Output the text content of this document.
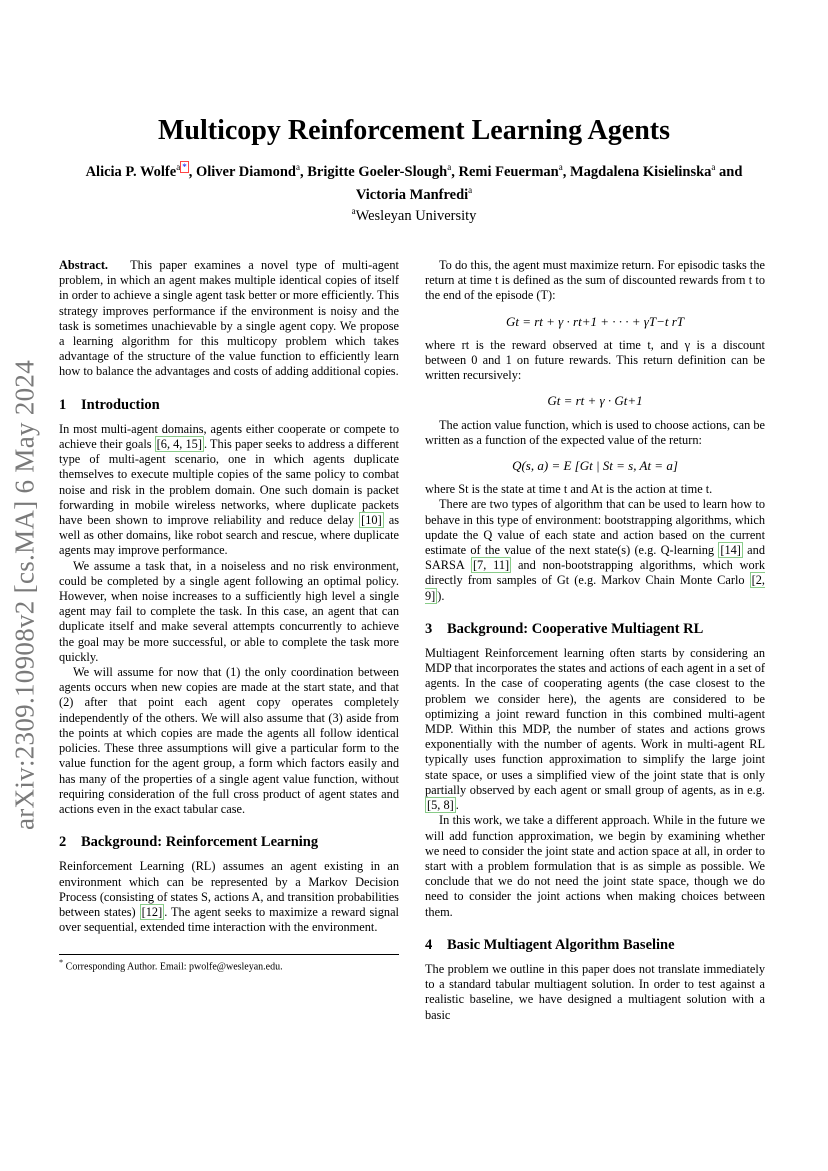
arXiv:2309.10908v2 [cs.MA] 6 May 2024
Multicopy Reinforcement Learning Agents
Alicia P. Wolfe$^a$ * , Oliver Diamond$^a$, Brigitte Goeler-Slough$^a$, Remi Feuerman$^a$, Magdalena Kisielinska$^a$ and
Victoria Manfredi$^a$
$^a$Wesleyan University

Abstract. This paper examines a novel type of multi-agent problem, in which an agent makes multiple identical copies of itself in order to achieve a single agent task better or more efficiently. This strategy improves performance if the environment is noisy and the task is sometimes unachievable by a single agent copy. We propose a learning algorithm for this multicopy problem which takes advantage of the structure of the value function to efficiently learn how to balance the advantages and costs of adding additional copies.

1 Introduction

In most multi-agent domains, agents either cooperate or compete to achieve their goals [6, 4, 15] . This paper seeks to address a different type of multi-agent scenario, one in which agents duplicate themselves to execute multiple copies of the same policy to combat noise and risk in the problem domain. One such domain is packet forwarding in mobile wireless networks, where duplicate packets have been shown to improve reliability and reduce delay [10] as well as other domains, like robot search and rescue, where duplicate agents may improve performance.

We assume a task that, in a noiseless and no risk environment, could be completed by a single agent following an optimal policy. However, when noise increases to a sufficiently high level a single agent may fail to complete the task. In this case, an agent that can duplicate itself and make several attempts concurrently to achieve the goal may be more successful, or able to complete the task more quickly.

We will assume for now that (1) the only coordination between agents occurs when new copies are made at the start state, and that (2) after that point each agent copy operates completely independently of the others. We will also assume that (3) aside from the points at which copies are made the agents all follow identical policies. These three assumptions will give a particular form to the value function for the agent group, a form which factors easily and has many of the properties of a single agent value function, without requiring consideration of the full cross product of agent states and actions even in the exact tabular case.

2 Background: Reinforcement Learning

Reinforcement Learning (RL) assumes an agent existing in an environment which can be represented by a Markov Decision Process (consisting of states S, actions A, and transition probabilities between states) [12] . The agent seeks to maximize a reward signal over sequential, extended time interaction with the environment.

* Corresponding Author. Email: pwolfe@wesleyan.edu.

To do this, the agent must maximize return. For episodic tasks the return at time t is defined as the sum of discounted rewards from t to the end of the episode (T):

Gt = rt + γ · rt+1 + · · · + γT−t rT

where rt is the reward observed at time t, and γ is a discount between 0 and 1 on future rewards. This return definition can be written recursively:

Gt = rt + γ · Gt+1

The action value function, which is used to choose actions, can be written as a function of the expected value of the return:

Q(s, a) = E [Gt | St = s, At = a]

where St is the state at time t and At is the action at time t.

There are two types of algorithm that can be used to learn how to behave in this type of environment: bootstrapping algorithms, which update the Q value of each state and action based on the current estimate of the value of the next state(s) (e.g. Q-learning [14] and SARSA [7, 11] and non-bootstrapping algorithms, which work directly from samples of Gt (e.g. Markov Chain Monte Carlo [2, 9] ).

3 Background: Cooperative Multiagent RL

Multiagent Reinforcement learning often starts by considering an MDP that incorporates the states and actions of each agent in a set of agents. In the case of cooperating agents (the case closest to the problem we consider here), the agents are considered to be optimizing a joint reward function in this combined multi-agent MDP. Within this MDP, the number of states and actions grows exponentially with the number of agents. Work in multi-agent RL typically uses function approximation to simplify the large joint state space, or uses a simplified view of the joint state that is only partially observed by each agent or small group of agents, as in e.g. [5, 8] .

In this work, we take a different approach. While in the future we will add function approximation, we begin by examining whether we need to consider the joint state and action space at all, in order to start with a problem formulation that is as simple as possible. We conclude that we do not need the joint state space, though we do need to consider the joint actions when making choices between them.

4 Basic Multiagent Algorithm Baseline

The problem we outline in this paper does not translate immediately to a standard tabular multiagent solution. In order to test against a realistic baseline, we have designed a multiagent solution with a basic
